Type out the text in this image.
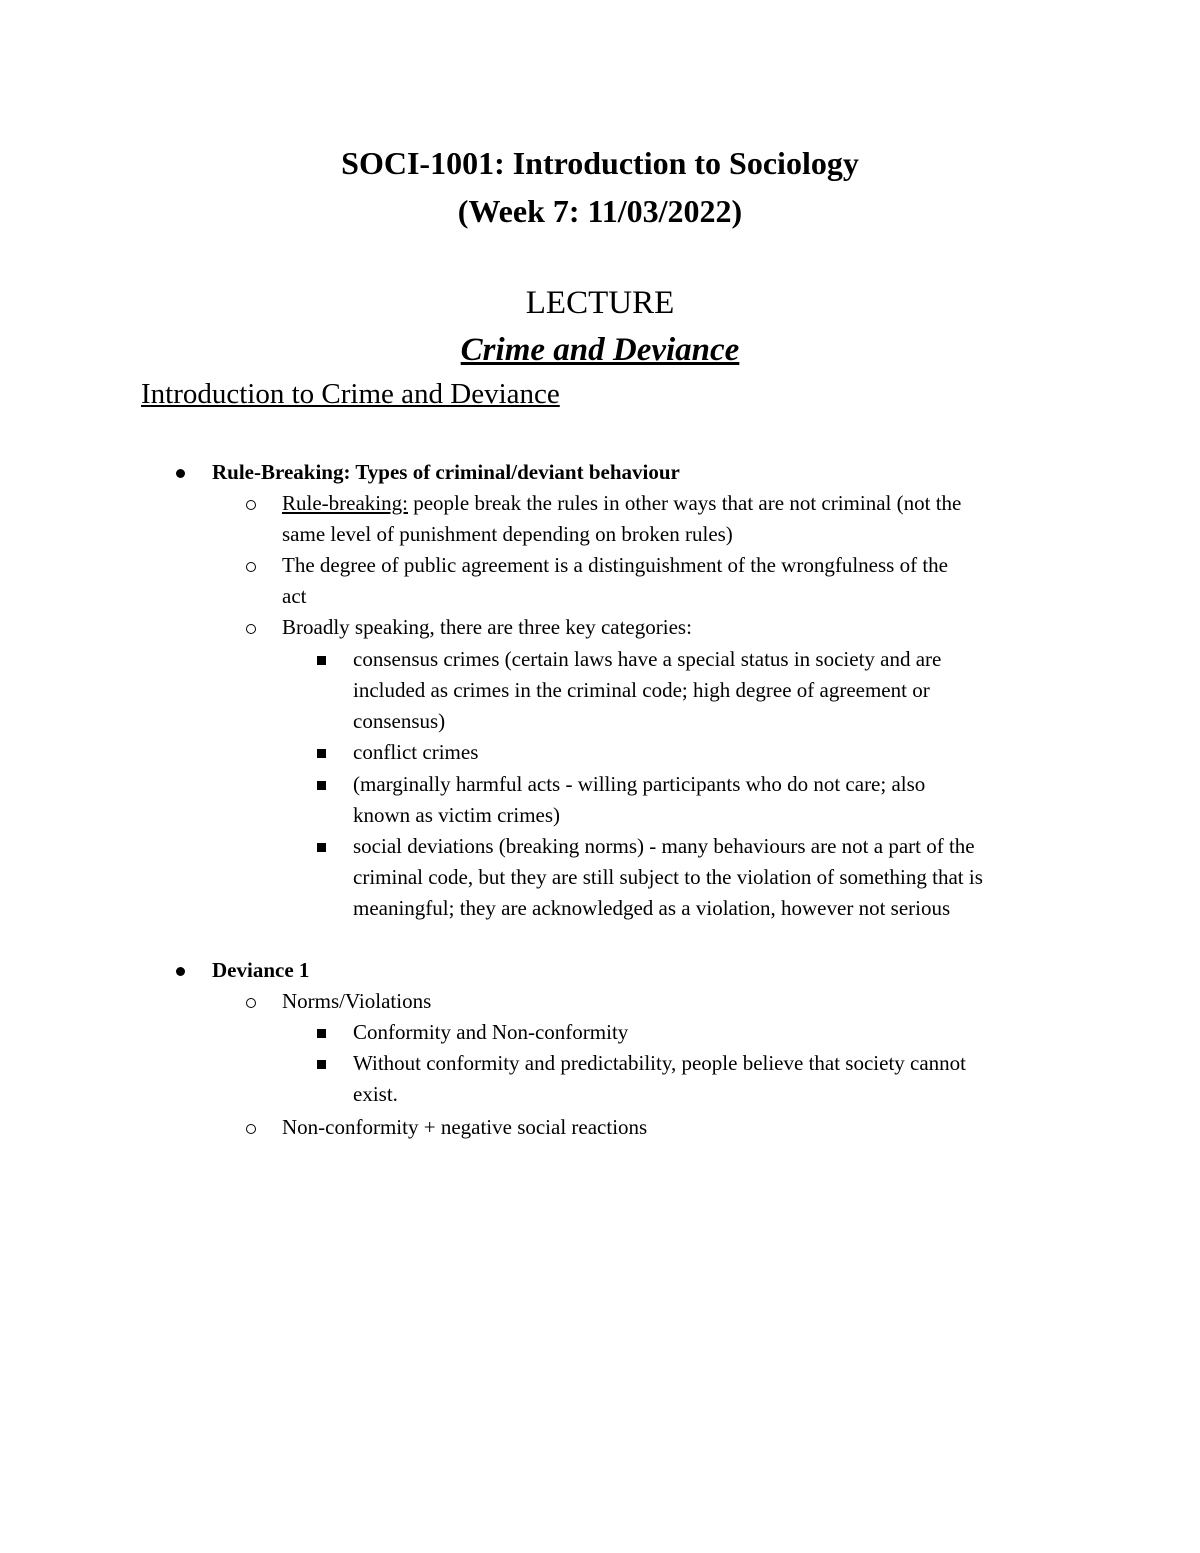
SOCI-1001: Introduction to Sociology
(Week 7: 11/03/2022)
LECTURE
Crime and Deviance
Introduction to Crime and Deviance
Rule-Breaking: Types of criminal/deviant behaviour
Rule-breaking: people break the rules in other ways that are not criminal (not the
same level of punishment depending on broken rules)
The degree of public agreement is a distinguishment of the wrongfulness of the
act
Broadly speaking, there are three key categories:
consensus crimes (certain laws have a special status in society and are
included as crimes in the criminal code; high degree of agreement or
consensus)
conflict crimes
(marginally harmful acts - willing participants who do not care; also
known as victim crimes)
social deviations (breaking norms) - many behaviours are not a part of the
criminal code, but they are still subject to the violation of something that is
meaningful; they are acknowledged as a violation, however not serious
Deviance 1
Norms/Violations
Conformity and Non-conformity
Without conformity and predictability, people believe that society cannot
exist.
Non-conformity + negative social reactions
